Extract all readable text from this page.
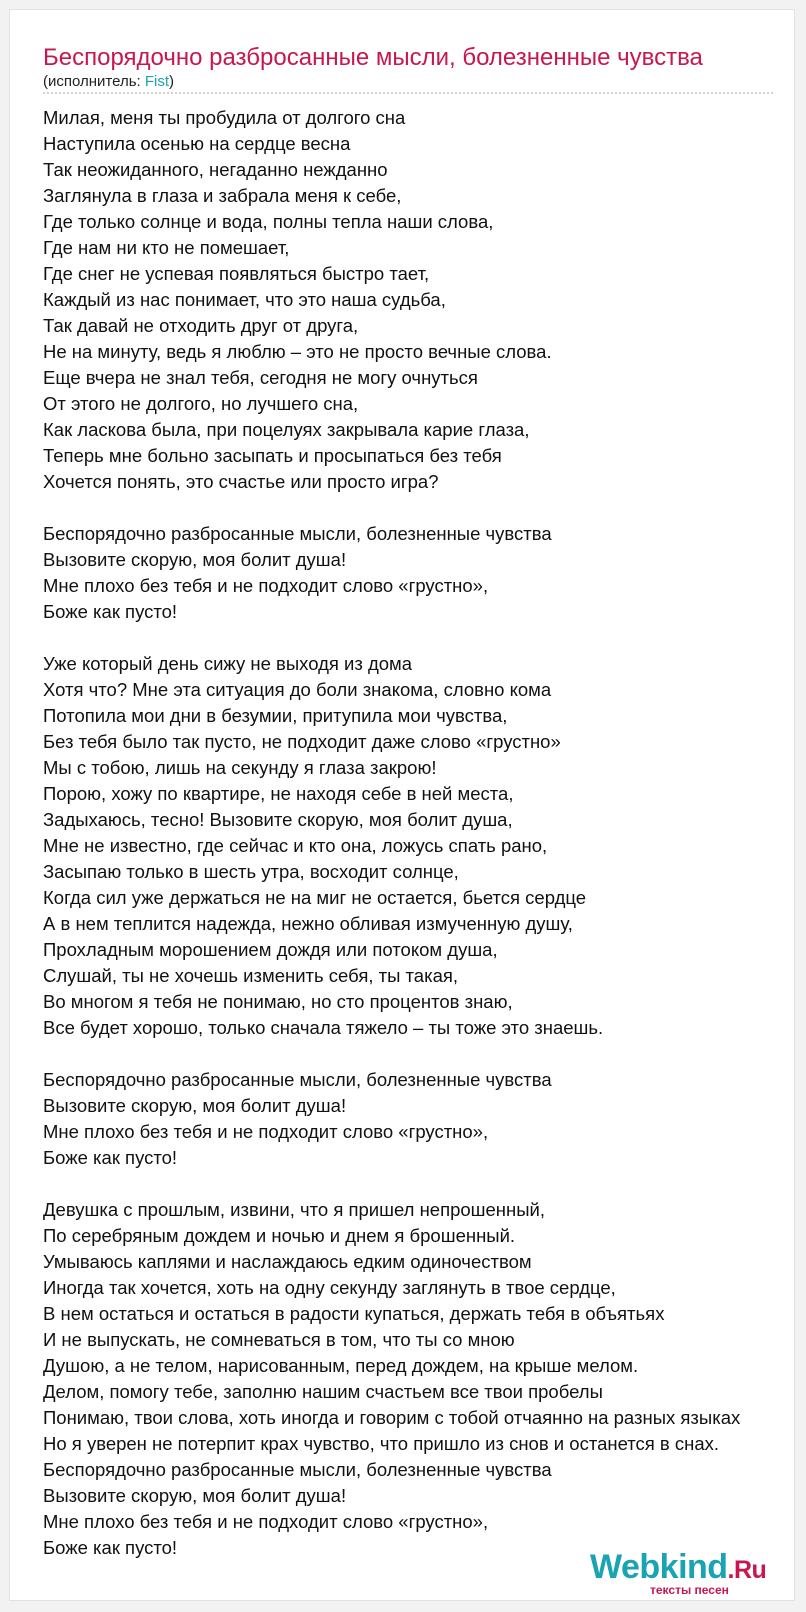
Беспорядочно разбросанные мысли, болезненные чувства
(исполнитель: Fist)
Милая, меня ты пробудила от долгого сна
Наступила осенью на сердце весна
Так неожиданного, негаданно нежданно
Заглянула в глаза и забрала меня к себе,
Где только солнце и вода, полны тепла наши слова,
Где нам ни кто не помешает,
Где снег не успевая появляться быстро тает,
Каждый из нас понимает, что это наша судьба,
Так давай не отходить друг от друга,
Не на минуту, ведь я люблю – это не просто вечные слова.
Еще вчера не знал тебя, сегодня не могу очнуться
От этого не долгого, но лучшего сна,
Как ласкова была, при поцелуях закрывала карие глаза,
Теперь мне больно засыпать и просыпаться без тебя
Хочется понять, это счастье или просто игра?
Беспорядочно разбросанные мысли, болезненные чувства
Вызовите скорую, моя болит душа!
Мне плохо без тебя и не подходит слово «грустно»,
Боже как пусто!
Уже который день сижу не выходя из дома
Хотя что? Мне эта ситуация до боли знакома, словно кома
Потопила мои дни в безумии, притупила мои чувства,
Без тебя было так пусто, не подходит даже слово «грустно»
Мы с тобою, лишь на секунду я глаза закрою!
Порою, хожу по квартире, не находя себе в ней места,
Задыхаюсь, тесно! Вызовите скорую, моя болит душа,
Мне не известно, где сейчас и кто она, ложусь спать рано,
Засыпаю только в шесть утра, восходит солнце,
Когда сил уже держаться не на миг не остается, бьется сердце
А в нем теплится надежда, нежно обливая измученную душу,
Прохладным морошением дождя или потоком душа,
Слушай, ты не хочешь изменить себя, ты такая,
Во многом я тебя не понимаю, но сто процентов знаю,
Все будет хорошо, только сначала тяжело – ты тоже это знаешь.
Беспорядочно разбросанные мысли, болезненные чувства
Вызовите скорую, моя болит душа!
Мне плохо без тебя и не подходит слово «грустно»,
Боже как пусто!
Девушка с прошлым, извини, что я пришел непрошенный,
По серебряным дождем и ночью и днем я брошенный.
Умываюсь каплями и наслаждаюсь едким одиночеством
Иногда так хочется, хоть на одну секунду заглянуть в твое сердце,
В нем остаться и остаться в радости купаться, держать тебя в объятьях
И не выпускать, не сомневаться в том, что ты со мною
Душою, а не телом, нарисованным, перед дождем, на крыше мелом.
Делом, помогу тебе, заполню нашим счастьем все твои пробелы
Понимаю, твои слова, хоть иногда и говорим с тобой отчаянно на разных языках
Но я уверен не потерпит крах чувство, что пришло из снов и останется в снах.
Беспорядочно разбросанные мысли, болезненные чувства
Вызовите скорую, моя болит душа!
Мне плохо без тебя и не подходит слово «грустно»,
Боже как пусто!
Webkind.Ru
тексты песен
